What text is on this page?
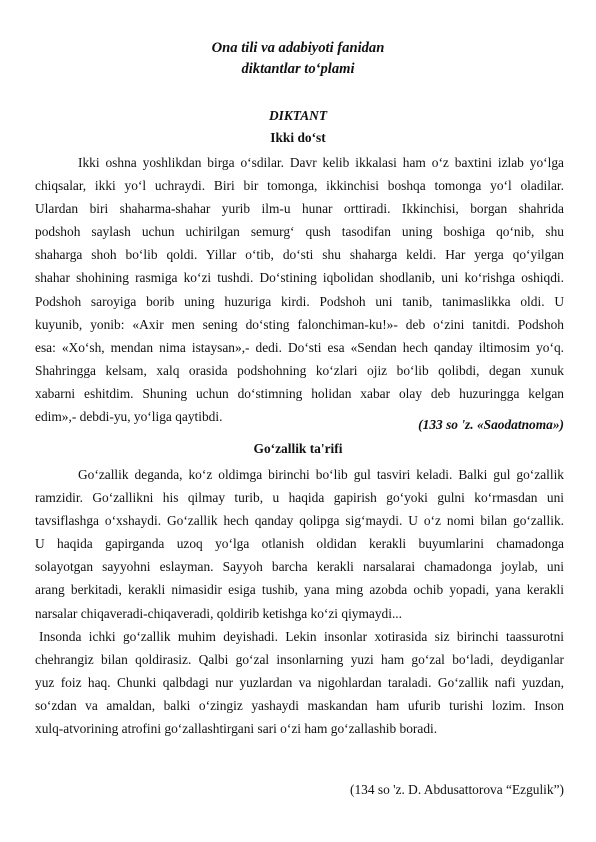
Ona tili va adabiyoti fanidan
diktantlar to‘plami
DIKTANT
Ikki do‘st
Ikki oshna yoshlikdan birga o‘sdilar. Davr kelib ikkalasi ham o‘z baxtini izlab yo‘lga
chiqsalar, ikki yo‘l uchraydi. Biri bir tomonga, ikkinchisi boshqa tomonga yo‘l oladilar.
Ulardan biri shaharma-shahar yurib ilm-u hunar orttiradi. Ikkinchisi, borgan shahrida
podshoh saylash uchun uchirilgan semurg‘ qush tasodifan uning boshiga qo‘nib, shu
shaharga shoh bo‘lib qoldi. Yillar o‘tib, do‘sti shu shaharga keldi. Har yerga qo‘yilgan
shahar shohining rasmiga ko‘zi tushdi. Do‘stining iqbolidan shodlanib, uni ko‘rishga oshiqdi.
Podshoh saroyiga borib uning huzuriga kirdi. Podshoh uni tanib, tanimaslikka oldi. U
kuyunib, yonib: «Axir men sening do‘sting falonchiman-ku!»- deb o‘zini tanitdi. Podshoh
esa: «Xo‘sh, mendan nima istaysan»,- dedi. Do‘sti esa «Sendan hech qanday iltimosim yo‘q.
Shahringga kelsam, xalq orasida podshohning ko‘zlari ojiz bo‘lib qolibdi, degan xunuk
xabarni eshitdim. Shuning uchun do‘stimning holidan xabar olay deb huzuringga kelgan
edim»,- debdi-yu, yo‘liga qaytibdi.
(133 so 'z. «Saodatnoma»)
Go‘zallik ta'rifi
Go‘zallik deganda, ko‘z oldimga birinchi bo‘lib gul tasviri keladi. Balki gul go‘zallik
ramzidir. Go‘zallikni his qilmay turib, u haqida gapirish go‘yoki gulni ko‘rmasdan uni
tavsiflashga o‘xshaydi. Go‘zallik hech qanday qolipga sig‘maydi. U o‘z nomi bilan go‘zallik.
U haqida gapirganda uzoq yo‘lga otlanish oldidan kerakli buyumlarini chamadonga
solayotgan sayyohni eslayman. Sayyoh barcha kerakli narsalarai chamadonga joylab, uni
arang berkitadi, kerakli nimasidir esiga tushib, yana ming azobda ochib yopadi, yana kerakli
narsalar chiqaveradi-chiqaveradi, qoldirib ketishga ko‘zi qiymaydi...
Insonda ichki go‘zallik muhim deyishadi. Lekin insonlar xotirasida siz birinchi taassurotni
chehrangiz bilan qoldirasiz. Qalbi go‘zal insonlarning yuzi ham go‘zal bo‘ladi, deydiganlar
yuz foiz haq. Chunki qalbdagi nur yuzlardan va nigohlardan taraladi. Go‘zallik nafi yuzdan,
so‘zdan va amaldan, balki o‘zingiz yashaydi maskandan ham ufurib turishi lozim. Inson
xulq-atvorining atrofini go‘zallashtirgani sari o‘zi ham go‘zallashib boradi.
(134 so 'z. D. Abdusattorova “Ezgulik”)
